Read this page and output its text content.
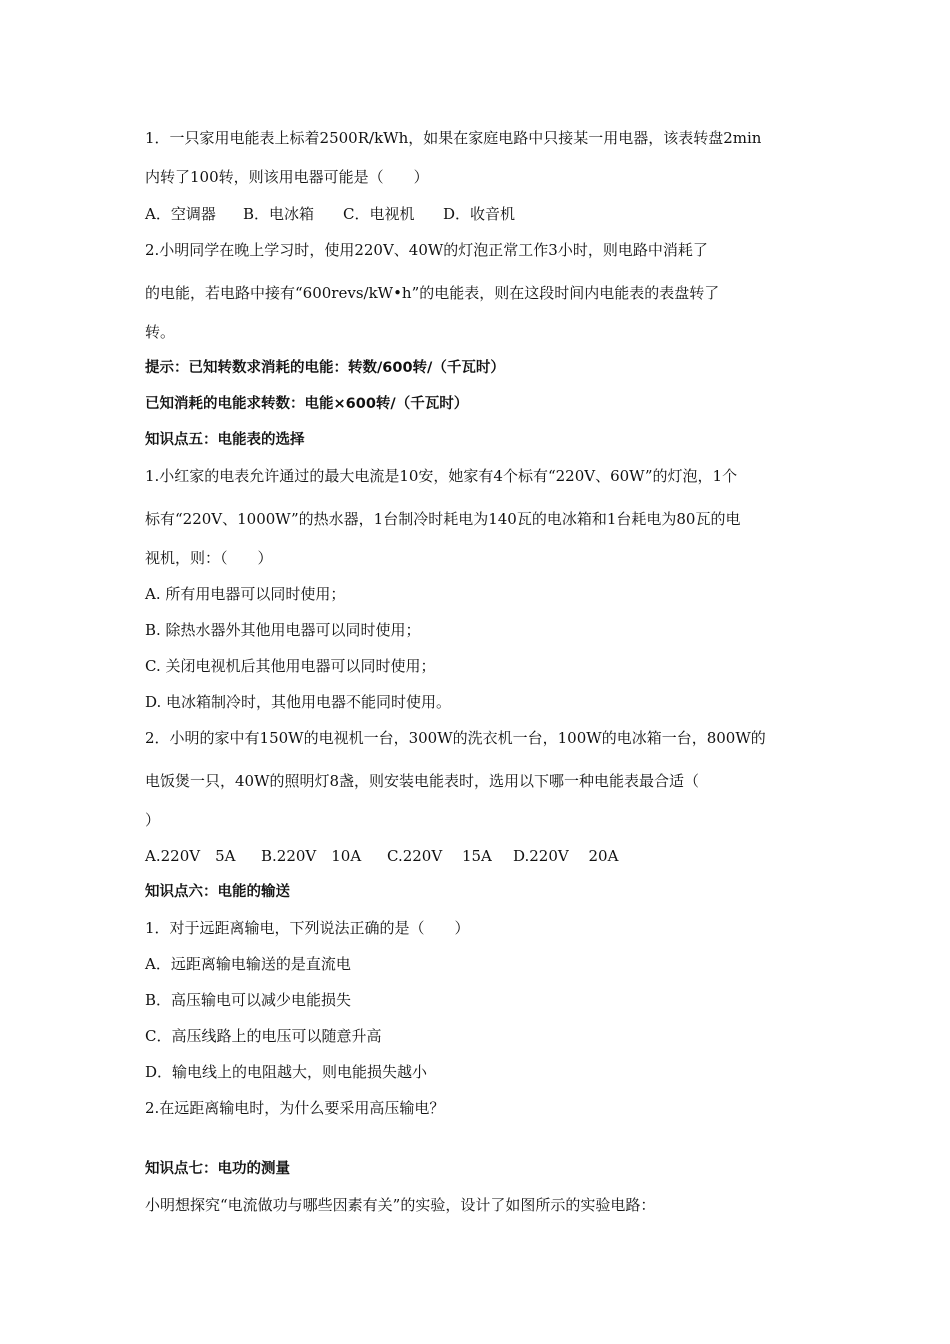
1．一只家用电能表上标着2500R/kWh，如果在家庭电路中只接某一用电器，该表转盘2min
内转了100转，则该用电器可能是（　　）
A．空调器 B．电冰箱 C．电视机 D．收音机
2.小明同学在晚上学习时，使用220V、40W的灯泡正常工作3小时，则电路中消耗了
的电能，若电路中接有“600revs/kW•h”的电能表，则在这段时间内电能表的表盘转了
转。
提示：已知转数求消耗的电能：转数/600转/（千瓦时）
已知消耗的电能求转数：电能×600转/（千瓦时）
知识点五：电能表的选择
1.小红家的电表允许通过的最大电流是10安，她家有4个标有“220V、60W”的灯泡，1个
标有“220V、1000W”的热水器，1台制冷时耗电为140瓦的电冰箱和1台耗电为80瓦的电
视机，则：（　　）
A. 所有用电器可以同时使用；
B. 除热水器外其他用电器可以同时使用；
C. 关闭电视机后其他用电器可以同时使用；
D. 电冰箱制冷时，其他用电器不能同时使用。
2．小明的家中有150W的电视机一台，300W的洗衣机一台，100W的电冰箱一台，800W的
电饭煲一只，40W的照明灯8盏，则安装电能表时，选用以下哪一种电能表最合适（
）
A.220V　5A B.220V　10A C.220V　 15A D.220V　 20A
知识点六：电能的输送
1．对于远距离输电，下列说法正确的是（　　）
A．远距离输电输送的是直流电
B．高压输电可以减少电能损失
C．高压线路上的电压可以随意升高
D．输电线上的电阻越大，则电能损失越小
2.在远距离输电时，为什么要采用高压输电？
知识点七：电功的测量
小明想探究“电流做功与哪些因素有关”的实验，设计了如图所示的实验电路：
